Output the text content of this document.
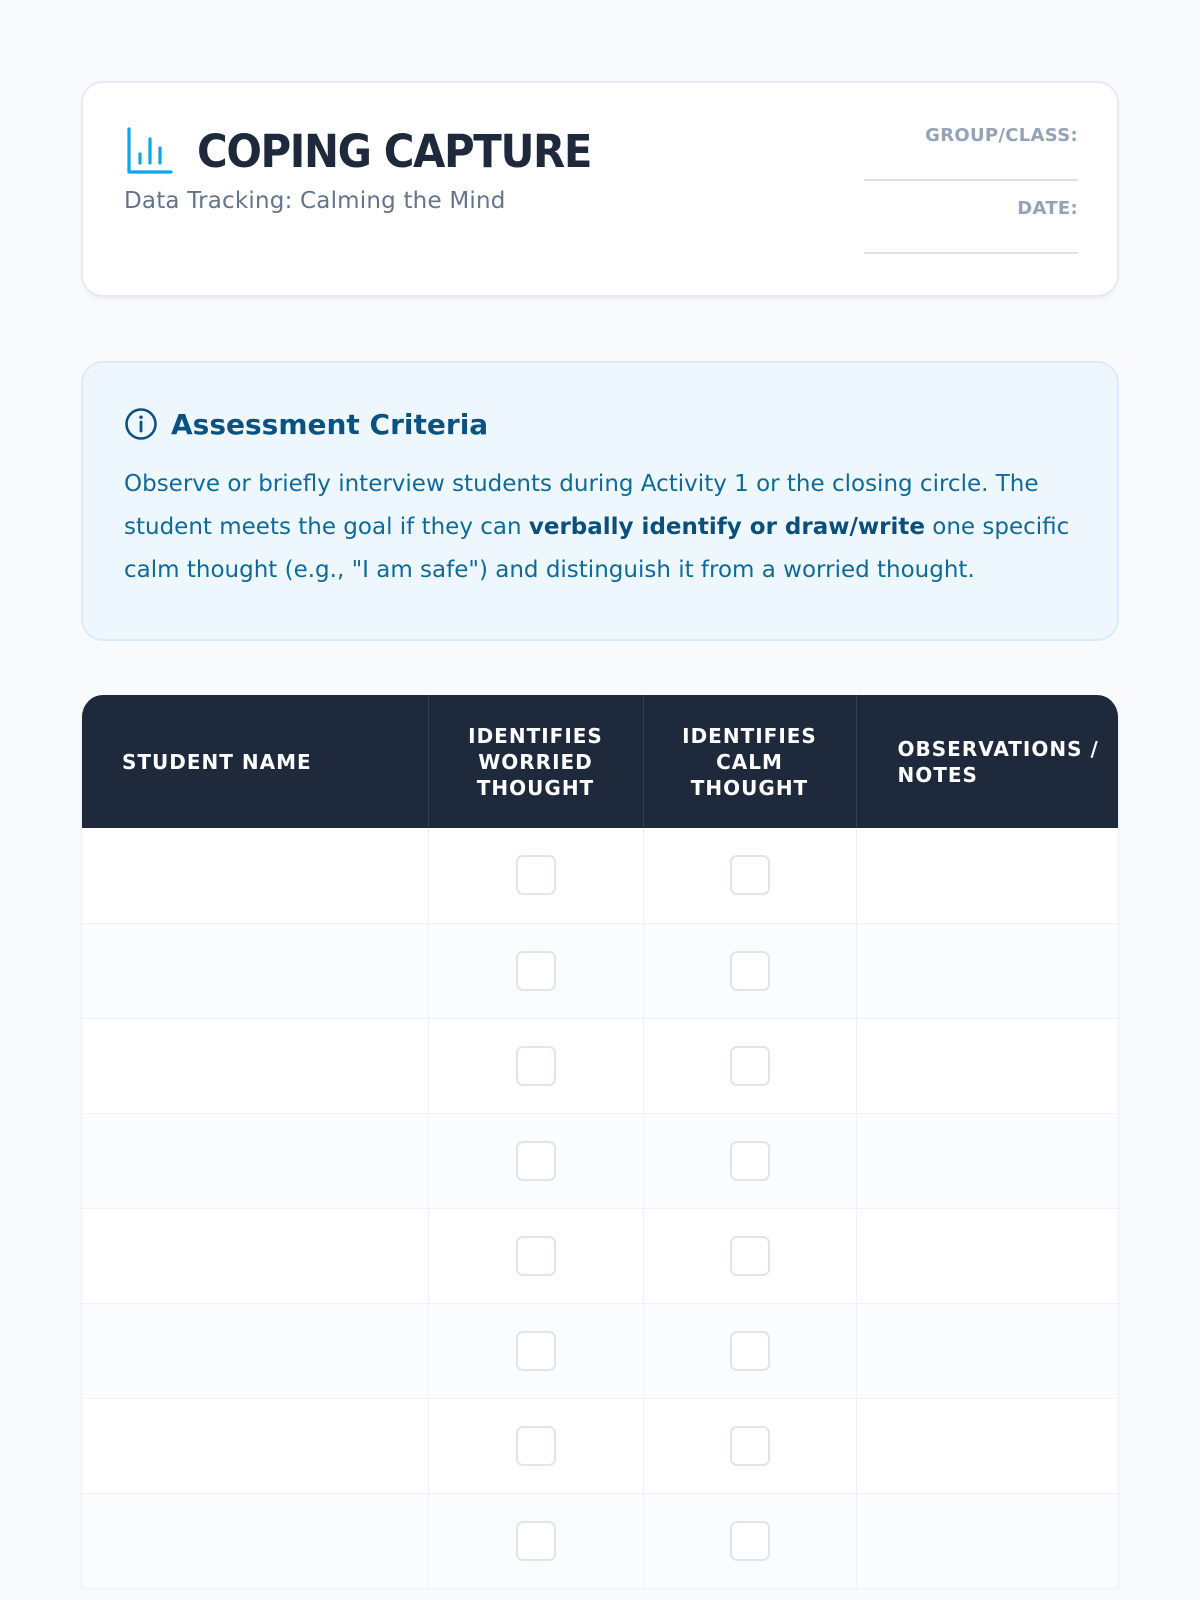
COPING CAPTURE
Data Tracking: Calming the Mind
GROUP/CLASS:
DATE:
Assessment Criteria

Observe or briefly interview students during Activity 1 or the closing circle. The student meets the goal if they can verbally identify or draw/write one specific calm thought (e.g., "I am safe") and distinguish it from a worried thought.

STUDENT NAME	IDENTIFIES WORRIED THOUGHT	IDENTIFIES CALM THOUGHT	OBSERVATIONS / NOTES
